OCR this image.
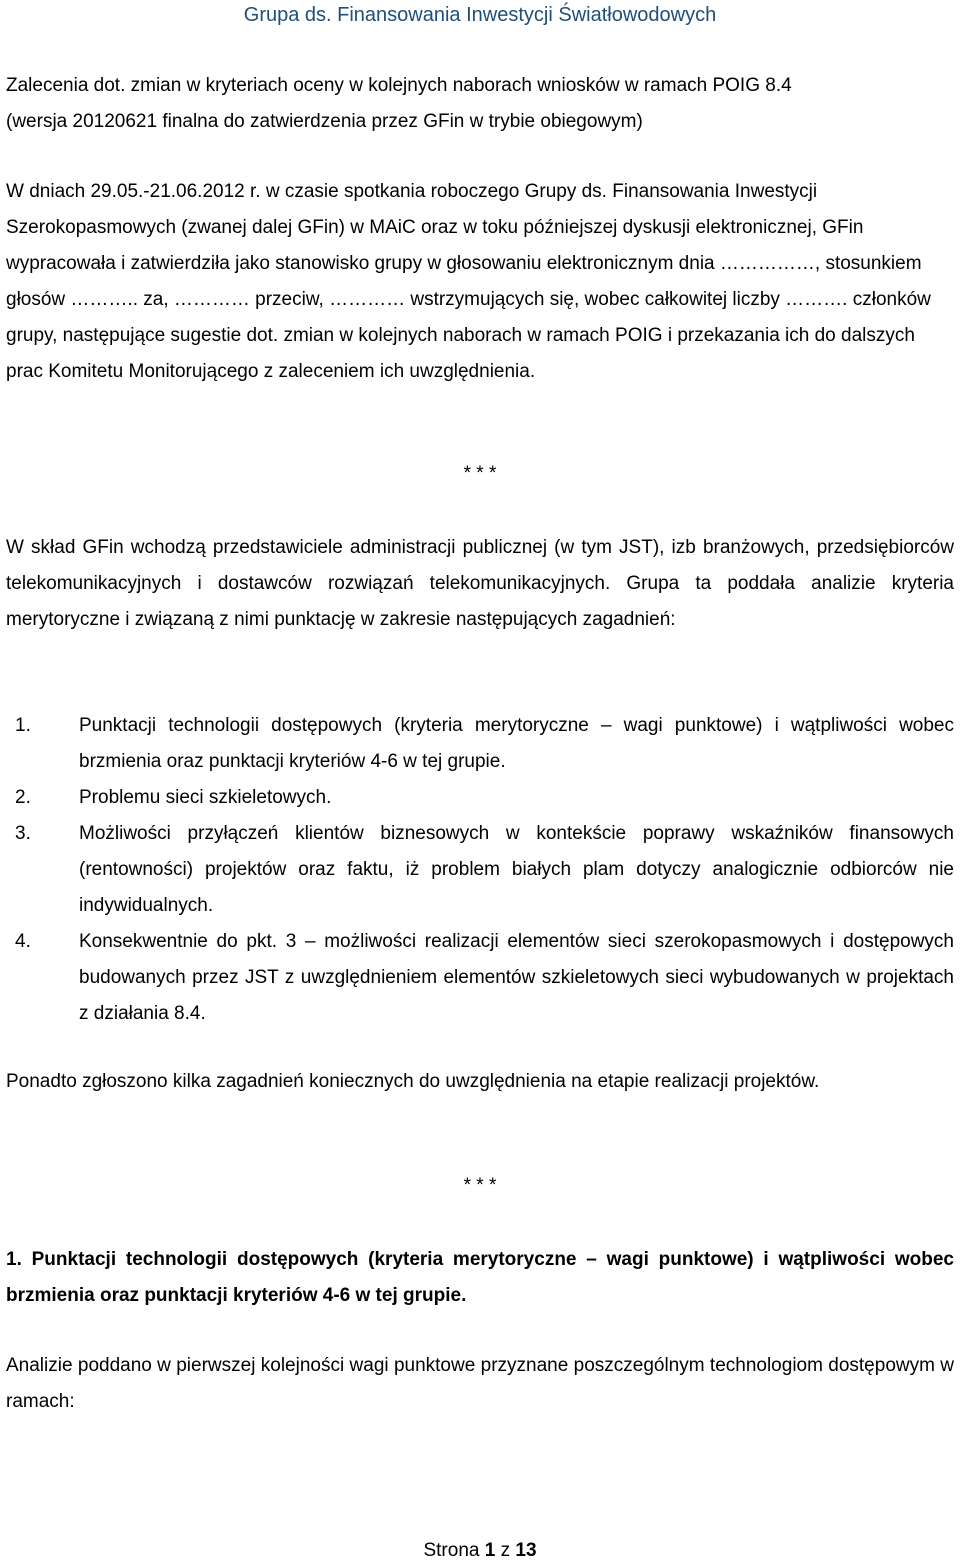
Grupa ds. Finansowania Inwestycji Światłowodowych
Zalecenia dot. zmian w kryteriach oceny w kolejnych naborach wniosków w ramach POIG 8.4
(wersja 20120621 finalna do zatwierdzenia przez GFin w trybie obiegowym)
W dniach 29.05.-21.06.2012 r. w czasie spotkania roboczego Grupy ds. Finansowania Inwestycji Szerokopasmowych (zwanej dalej GFin) w MAiC oraz w toku późniejszej dyskusji elektronicznej, GFin wypracowała i zatwierdziła jako stanowisko grupy w głosowaniu elektronicznym dnia ……………, stosunkiem głosów ……….. za, ………… przeciw, ………… wstrzymujących się, wobec całkowitej liczby ………. członków grupy, następujące sugestie dot. zmian w kolejnych naborach w ramach POIG i przekazania ich do dalszych prac Komitetu Monitorującego z zaleceniem ich uwzględnienia.
* * *
W skład GFin wchodzą przedstawiciele administracji publicznej (w tym JST), izb branżowych, przedsiębiorców telekomunikacyjnych i dostawców rozwiązań telekomunikacyjnych. Grupa ta poddała analizie kryteria merytoryczne i związaną z nimi punktację w zakresie następujących zagadnień:
1.	Punktacji technologii dostępowych (kryteria merytoryczne – wagi punktowe) i wątpliwości wobec brzmienia oraz punktacji kryteriów 4-6 w tej grupie.
2.	Problemu sieci szkieletowych.
3.	Możliwości przyłączeń klientów biznesowych w kontekście poprawy wskaźników finansowych (rentowności) projektów oraz faktu, iż problem białych plam dotyczy analogicznie odbiorców nie indywidualnych.
4.	Konsekwentnie do pkt. 3 – możliwości realizacji elementów sieci szerokopasmowych i dostępowych budowanych przez JST z uwzględnieniem elementów szkieletowych sieci wybudowanych w projektach z działania 8.4.
Ponadto zgłoszono kilka zagadnień koniecznych do uwzględnienia na etapie realizacji projektów.
* * *
1. Punktacji technologii dostępowych (kryteria merytoryczne – wagi punktowe) i wątpliwości wobec brzmienia oraz punktacji kryteriów 4-6 w tej grupie.
Analizie poddano w pierwszej kolejności wagi punktowe przyznane poszczególnym technologiom dostępowym w ramach:
Strona 1 z 13
